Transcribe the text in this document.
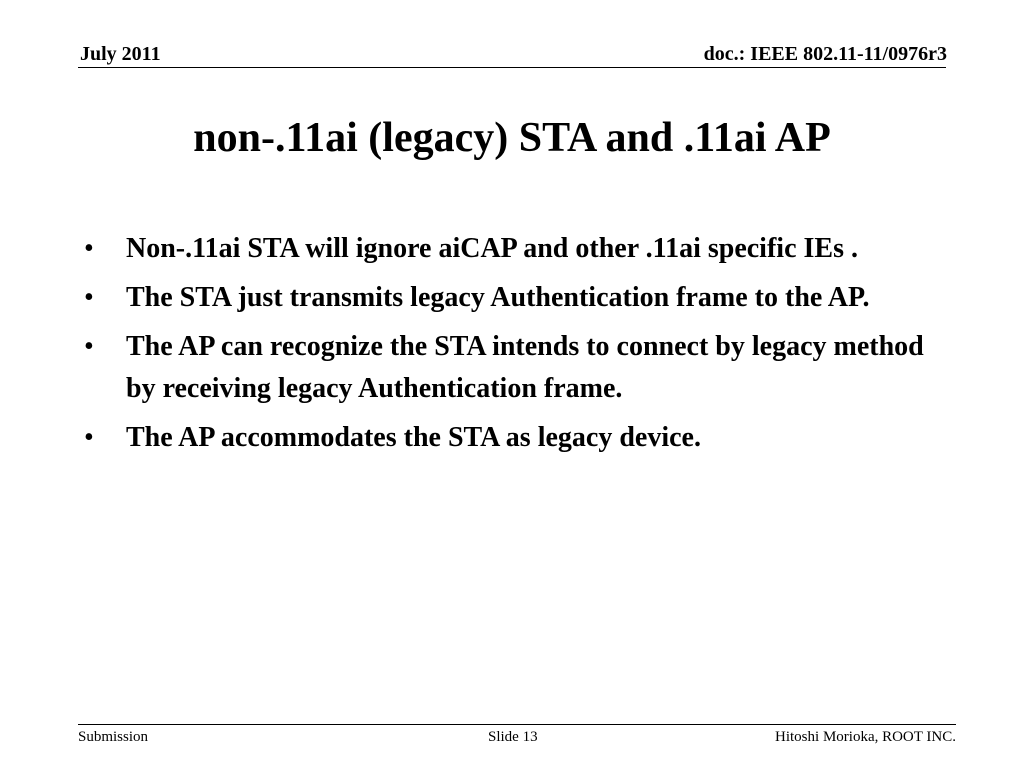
July 2011	doc.: IEEE 802.11-11/0976r3
non-.11ai (legacy) STA and .11ai AP
•	Non-.11ai STA will ignore aiCAP and other .11ai specific IEs .
•	The STA just transmits legacy Authentication frame to the AP.
•	The AP can recognize the STA intends to connect by legacy method by receiving legacy Authentication frame.
•	The AP accommodates the STA as legacy device.
Submission	Slide 13	Hitoshi Morioka, ROOT INC.
